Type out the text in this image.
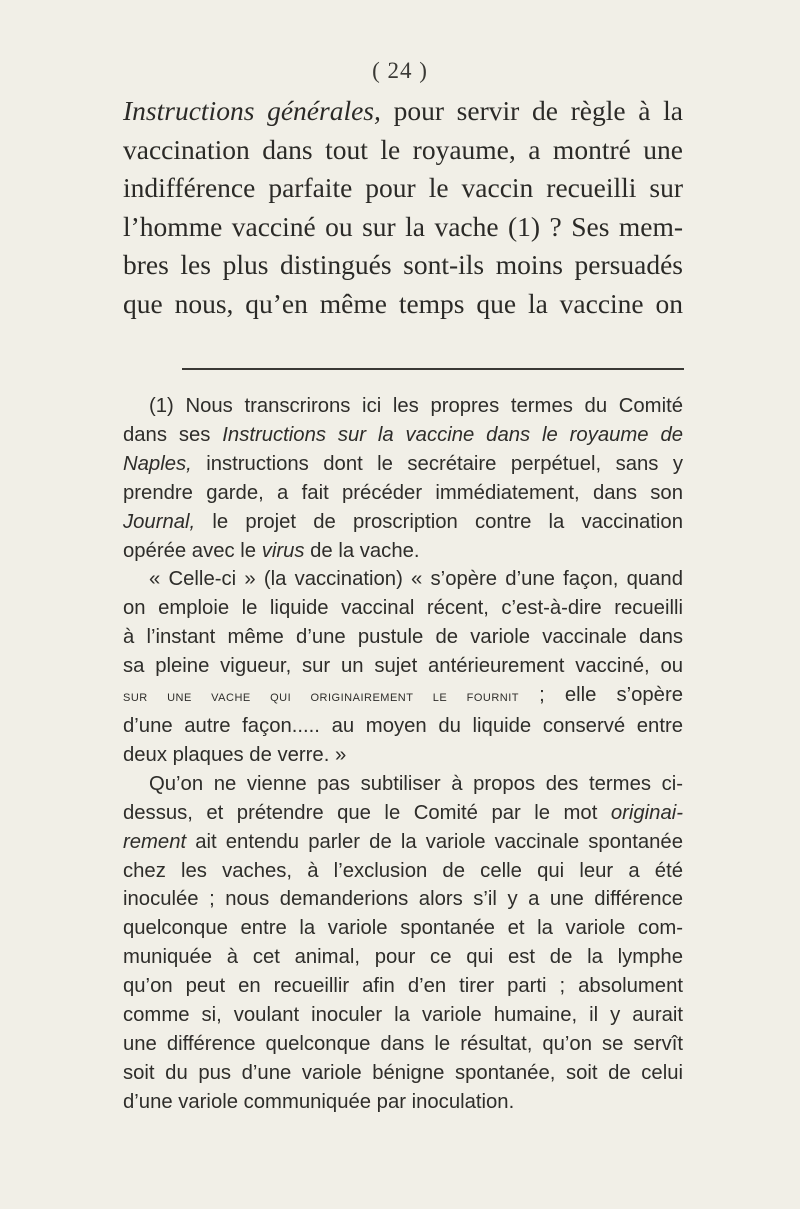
( 24 )
Instructions générales, pour servir de règle à la
vaccination dans tout le royaume, a montré une
indifférence parfaite pour le vaccin recueilli sur
l’homme vacciné ou sur la vache (1) ? Ses mem-
bres les plus distingués sont-ils moins persuadés
que nous, qu’en même temps que la vaccine on
(1) Nous transcrirons ici les propres termes du Comité
dans ses Instructions sur la vaccine dans le royaume de
Naples, instructions dont le secrétaire perpétuel, sans y
prendre garde, a fait précéder immédiatement, dans son
Journal, le projet de proscription contre la vaccination
opérée avec le virus de la vache.
« Celle-ci » (la vaccination) « s’opère d’une façon, quand
on emploie le liquide vaccinal récent, c’est-à-dire recueilli
à l’instant même d’une pustule de variole vaccinale dans
sa pleine vigueur, sur un sujet antérieurement vacciné, ou
sur une vache qui originairement le fournit ; elle s’opère
d’une autre façon..... au moyen du liquide conservé entre
deux plaques de verre. »
Qu’on ne vienne pas subtiliser à propos des termes ci-
dessus, et prétendre que le Comité par le mot originai-
rement ait entendu parler de la variole vaccinale spontanée
chez les vaches, à l’exclusion de celle qui leur a été
inoculée ; nous demanderions alors s’il y a une différence
quelconque entre la variole spontanée et la variole com-
muniquée à cet animal, pour ce qui est de la lymphe
qu’on peut en recueillir afin d’en tirer parti ; absolument
comme si, voulant inoculer la variole humaine, il y aurait
une différence quelconque dans le résultat, qu’on se servît
soit du pus d’une variole bénigne spontanée, soit de celui
d’une variole communiquée par inoculation.
